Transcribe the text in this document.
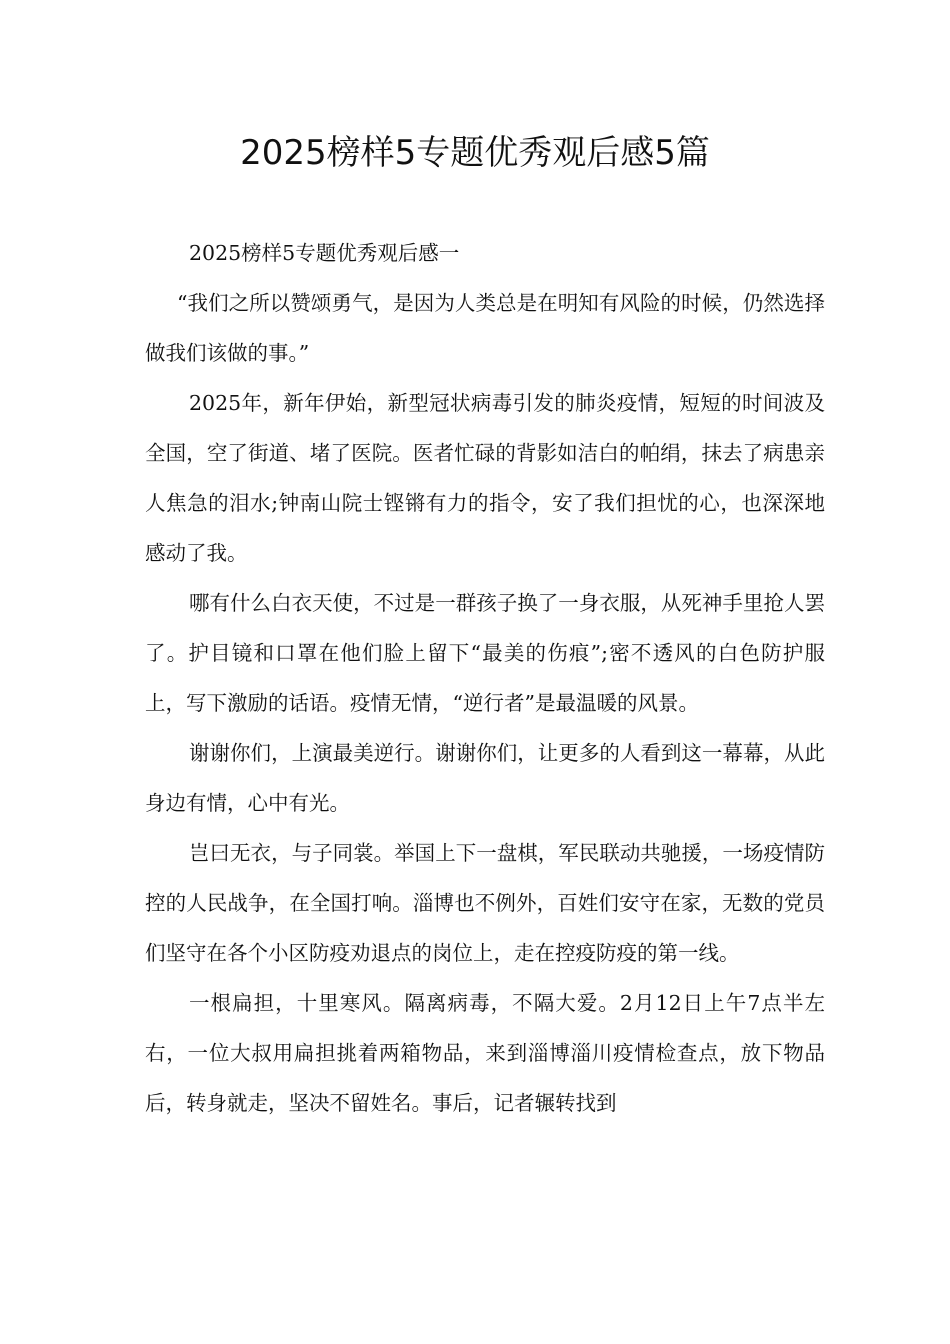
2025榜样5专题优秀观后感5篇

2025榜样5专题优秀观后感一

“我们之所以赞颂勇气，是因为人类总是在明知有风险的时候，仍然选择做我们该做的事。”

2025年，新年伊始，新型冠状病毒引发的肺炎疫情，短短的时间波及全国，空了街道、堵了医院。医者忙碌的背影如洁白的帕绢，抹去了病患亲人焦急的泪水;钟南山院士铿锵有力的指令，安了我们担忧的心，也深深地感动了我。

哪有什么白衣天使，不过是一群孩子换了一身衣服，从死神手里抢人罢了。护目镜和口罩在他们脸上留下“最美的伤痕”;密不透风的白色防护服上，写下激励的话语。疫情无情，“逆行者”是最温暖的风景。

谢谢你们，上演最美逆行。谢谢你们，让更多的人看到这一幕幕，从此身边有情，心中有光。

岂曰无衣，与子同裳。举国上下一盘棋，军民联动共驰援，一场疫情防控的人民战争，在全国打响。淄博也不例外，百姓们安守在家，无数的党员们坚守在各个小区防疫劝退点的岗位上，走在控疫防疫的第一线。

一根扁担，十里寒风。隔离病毒，不隔大爱。2月12日上午7点半左右，一位大叔用扁担挑着两箱物品，来到淄博淄川疫情检查点，放下物品后，转身就走，坚决不留姓名。事后，记者辗转找到
